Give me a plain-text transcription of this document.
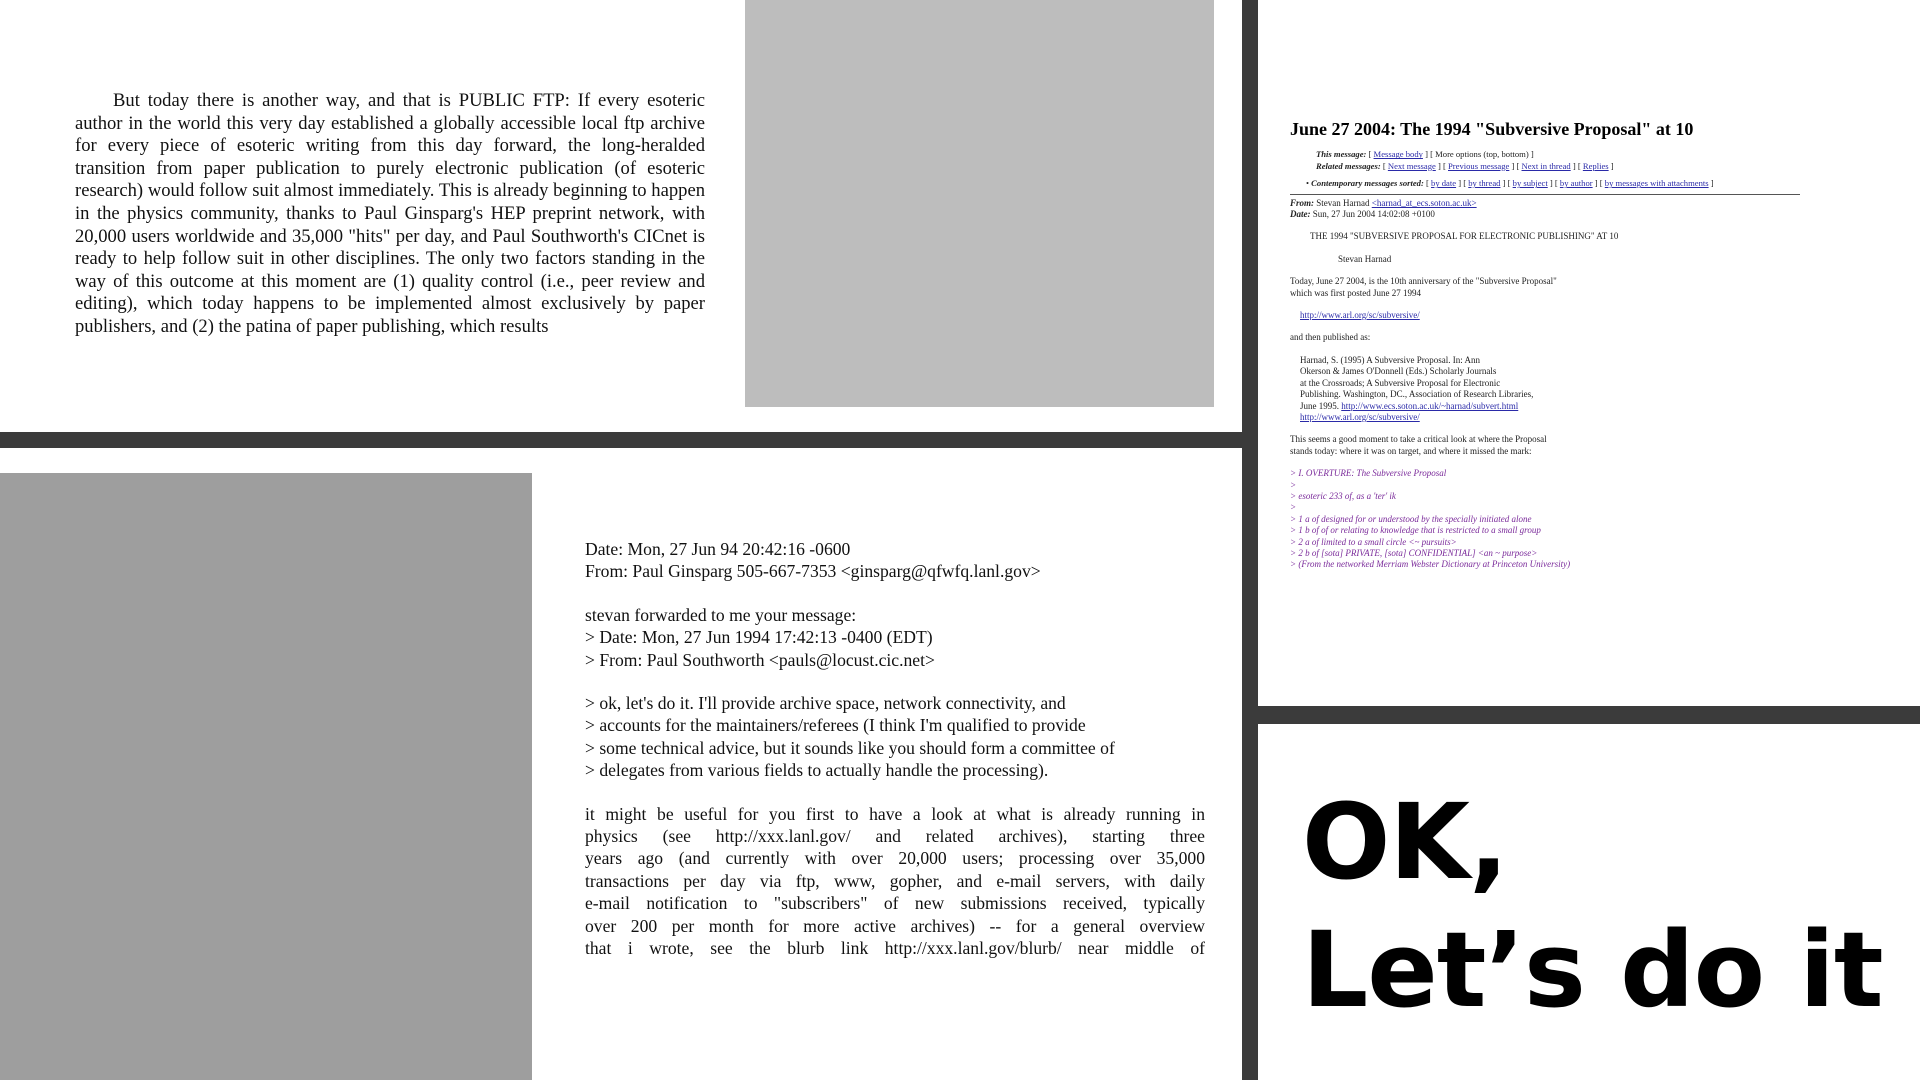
But today there is another way, and that is PUBLIC FTP: If every esoteric author in the world this very day established a globally accessible local ftp archive for every piece of esoteric writing from this day forward, the long-heralded transition from paper publication to purely electronic publication (of esoteric research) would follow suit almost immediately. This is already beginning to happen in the physics community, thanks to Paul Ginsparg's HEP preprint network, with 20,000 users worldwide and 35,000 "hits" per day, and Paul Southworth's CICnet is ready to help follow suit in other disciplines. The only two factors standing in the way of this outcome at this moment are (1) quality control (i.e., peer review and editing), which today happens to be implemented almost exclusively by paper publishers, and (2) the patina of paper publishing, which results

Date: Mon, 27 Jun 94 20:42:16 -0600
From: Paul Ginsparg 505-667-7353 <ginsparg@qfwfq.lanl.gov>
stevan forwarded to me your message:
> Date: Mon, 27 Jun 1994 17:42:13 -0400 (EDT)
> From: Paul Southworth <pauls@locust.cic.net>
> ok, let's do it. I'll provide archive space, network connectivity, and
> accounts for the maintainers/referees (I think I'm qualified to provide
> some technical advice, but it sounds like you should form a committee of
> delegates from various fields to actually handle the processing).
it might be useful for you first to have a look at what is already running in
physics (see http://xxx.lanl.gov/ and related archives), starting three
years ago (and currently with over 20,000 users; processing over 35,000
transactions per day via ftp, www, gopher, and e-mail servers, with daily
e-mail notification to "subscribers" of new submissions received, typically
over 200 per month for more active archives) -- for a general overview
that i wrote, see the blurb link http://xxx.lanl.gov/blurb/ near middle of
June 27 2004: The 1994 "Subversive Proposal" at 10
This message: [ Message body ] [ More options (top, bottom) ]
Related messages: [ Next message ] [ Previous message ] [ Next in thread ] [ Replies ]
• Contemporary messages sorted: [ by date ] [ by thread ] [ by subject ] [ by author ] [ by messages with attachments ]
From: Stevan Harnad <harnad_at_ecs.soton.ac.uk>
Date: Sun, 27 Jun 2004 14:02:08 +0100
THE 1994 "SUBVERSIVE PROPOSAL FOR ELECTRONIC PUBLISHING" AT 10
Stevan Harnad
Today, June 27 2004, is the 10th anniversary of the "Subversive Proposal"
which was first posted June 27 1994
http://www.arl.org/sc/subversive/
and then published as:
Harnad, S. (1995) A Subversive Proposal. In: Ann
Okerson & James O'Donnell (Eds.) Scholarly Journals
at the Crossroads; A Subversive Proposal for Electronic
Publishing. Washington, DC., Association of Research Libraries,
June 1995. http://www.ecs.soton.ac.uk/~harnad/subvert.html
http://www.arl.org/sc/subversive/
This seems a good moment to take a critical look at where the Proposal
stands today: where it was on target, and where it missed the mark:
> I. OVERTURE: The Subversive Proposal
>
> esoteric 233 of, as a 'ter' ik
>
> 1 a of designed for or understood by the specially initiated alone
> 1 b of of or relating to knowledge that is restricted to a small group
> 2 a of limited to a small circle <~ pursuits>
> 2 b of [sota] PRIVATE, [sota] CONFIDENTIAL] <an ~ purpose>
> (From the networked Merriam Webster Dictionary at Princeton University)
OK,
Let’s do it
